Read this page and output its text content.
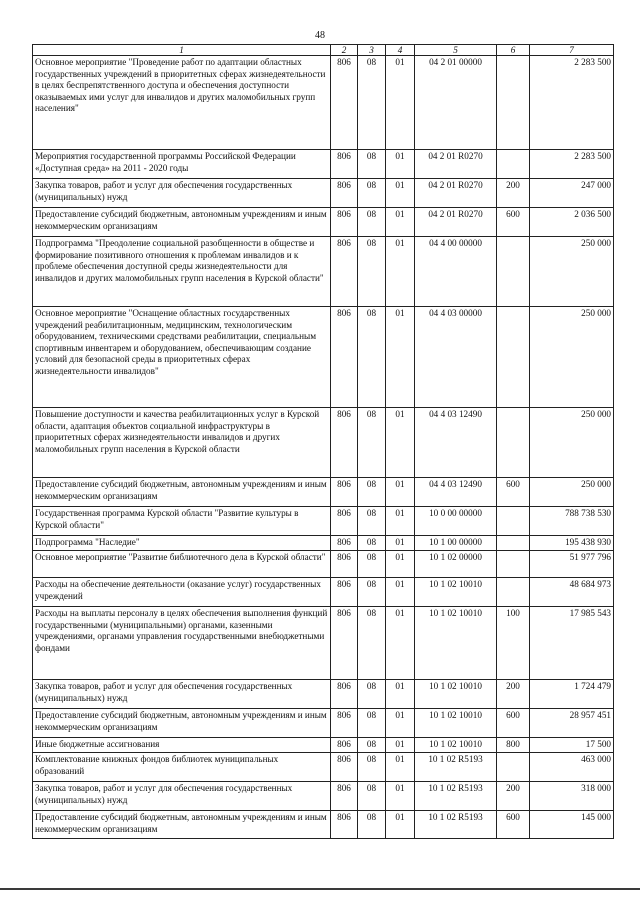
48
1	2	3	4	5	6	7
Основное мероприятие "Проведение работ по адаптации областных государственных учреждений в приоритетных сферах жизнедеятельности в целях беспрепятственного доступа и обеспечения доступности оказываемых ими услуг для инвалидов и других маломобильных групп населения"	806	08	01	04 2 01 00000		2 283 500
Мероприятия государственной программы Российской Федерации «Доступная среда» на 2011 - 2020 годы	806	08	01	04 2 01 R0270		2 283 500
Закупка товаров, работ и услуг для обеспечения государственных (муниципальных) нужд	806	08	01	04 2 01 R0270	200	247 000
Предоставление субсидий бюджетным, автономным учреждениям и иным некоммерческим организациям	806	08	01	04 2 01 R0270	600	2 036 500
Подпрограмма "Преодоление социальной разобщенности в обществе и формирование позитивного отношения к проблемам инвалидов и к проблеме обеспечения доступной среды жизнедеятельности для инвалидов и других маломобильных групп населения в Курской области"	806	08	01	04 4 00 00000		250 000
Основное мероприятие "Оснащение областных государственных учреждений реабилитационным, медицинским, технологическим оборудованием, техническими средствами реабилитации, специальным спортивным инвентарем и оборудованием, обеспечивающим создание условий для безопасной среды в приоритетных сферах жизнедеятельности инвалидов"	806	08	01	04 4 03 00000		250 000
Повышение доступности и качества реабилитационных услуг в Курской области, адаптация объектов социальной инфраструктуры в приоритетных сферах жизнедеятельности инвалидов и других маломобильных групп населения в Курской области	806	08	01	04 4 03 12490		250 000
Предоставление субсидий бюджетным, автономным учреждениям и иным некоммерческим организациям	806	08	01	04 4 03 12490	600	250 000
Государственная программа Курской области "Развитие культуры в Курской области"	806	08	01	10 0 00 00000		788 738 530
Подпрограмма "Наследие"	806	08	01	10 1 00 00000		195 438 930
Основное мероприятие "Развитие библиотечного дела в Курской области"	806	08	01	10 1 02 00000		51 977 796
Расходы на обеспечение деятельности (оказание услуг) государственных учреждений	806	08	01	10 1 02 10010		48 684 973
Расходы на выплаты персоналу в целях обеспечения выполнения функций государственными (муниципальными) органами, казенными учреждениями, органами управления государственными внебюджетными фондами	806	08	01	10 1 02 10010	100	17 985 543
Закупка товаров, работ и услуг для обеспечения государственных (муниципальных) нужд	806	08	01	10 1 02 10010	200	1 724 479
Предоставление субсидий бюджетным, автономным учреждениям и иным некоммерческим организациям	806	08	01	10 1 02 10010	600	28 957 451
Иные бюджетные ассигнования	806	08	01	10 1 02 10010	800	17 500
Комплектование книжных фондов библиотек муниципальных образований	806	08	01	10 1 02 R5193		463 000
Закупка товаров, работ и услуг для обеспечения государственных (муниципальных) нужд	806	08	01	10 1 02 R5193	200	318 000
Предоставление субсидий бюджетным, автономным учреждениям и иным некоммерческим организациям	806	08	01	10 1 02 R5193	600	145 000
